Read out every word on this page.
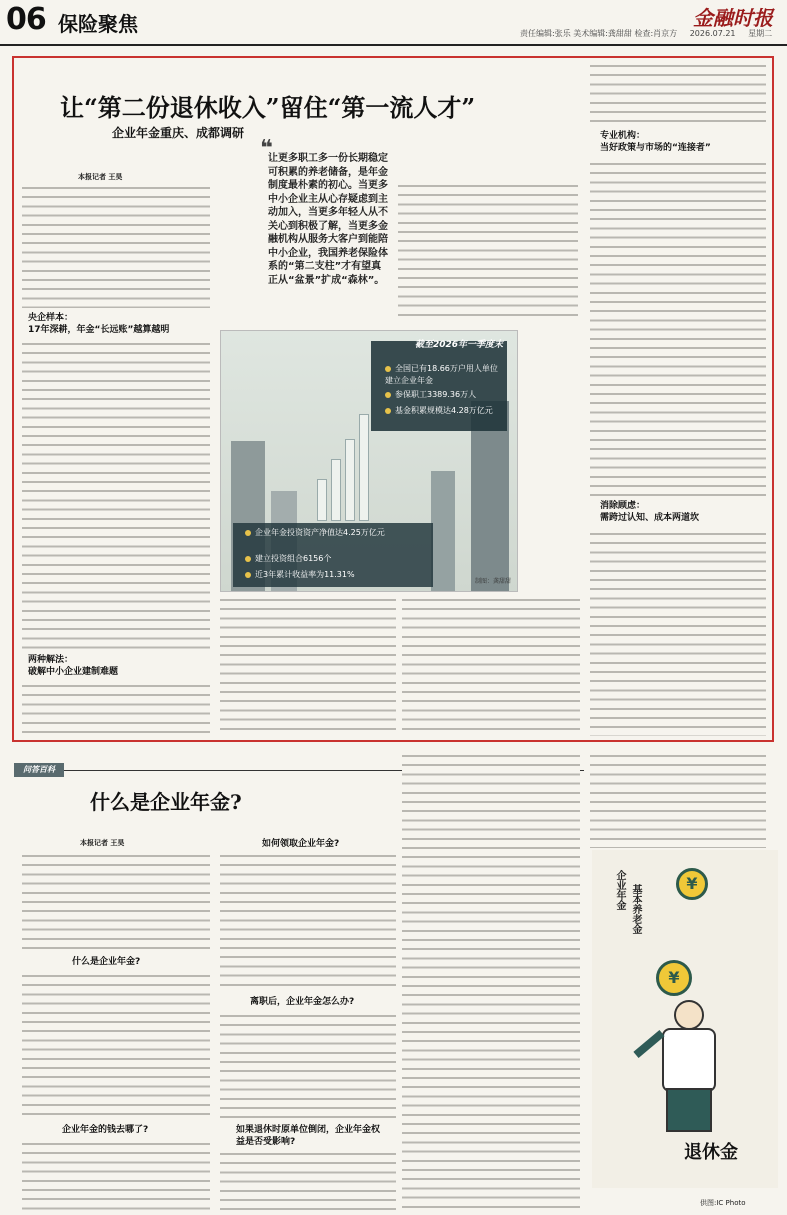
06 保险聚焦	金融时报
责任编辑:张乐 美术编辑:龚甜甜 检查:肖京方 2026.07.21 星期二
让“第二份退休收入”留住“第一流人才”
企业年金重庆、成都调研	专业机构：
当好政策与市场的“连接者”
消除顾虑：
需跨过认知、成本两道坎
本报记者 王昊
央企样本：
17年深耕，年金“长远账”越算越明
两种解法：
破解中小企业建制难题
❝
让更多职工多一份长期稳定可积累的养老储备，是年金制度最朴素的初心。当更多中小企业主从心存疑虑到主动加入，当更多年轻人从不关心到积极了解，当更多金融机构从服务大客户到能陪中小企业，我国养老保险体系的“第二支柱”才有望真正从“盆景”扩成“森林”。
截至2026年一季度末
全国已有18.66万户用人单位建立企业年金
参保职工3389.36万人
基金积累规模达4.28万亿元
企业年金投资资产净值达4.25万亿元
建立投资组合6156个
近3年累计收益率为11.31%
制图：龚甜甜
问答百科
什么是企业年金?
本报记者 王昊
什么是企业年金?
企业年金的钱去哪了?
如何领取企业年金?
离职后，企业年金怎么办?
如果退休时原单位倒闭，企业年金权益是否受影响?
企业年金 基本养老金
¥
¥
退休金
供图:IC Photo
